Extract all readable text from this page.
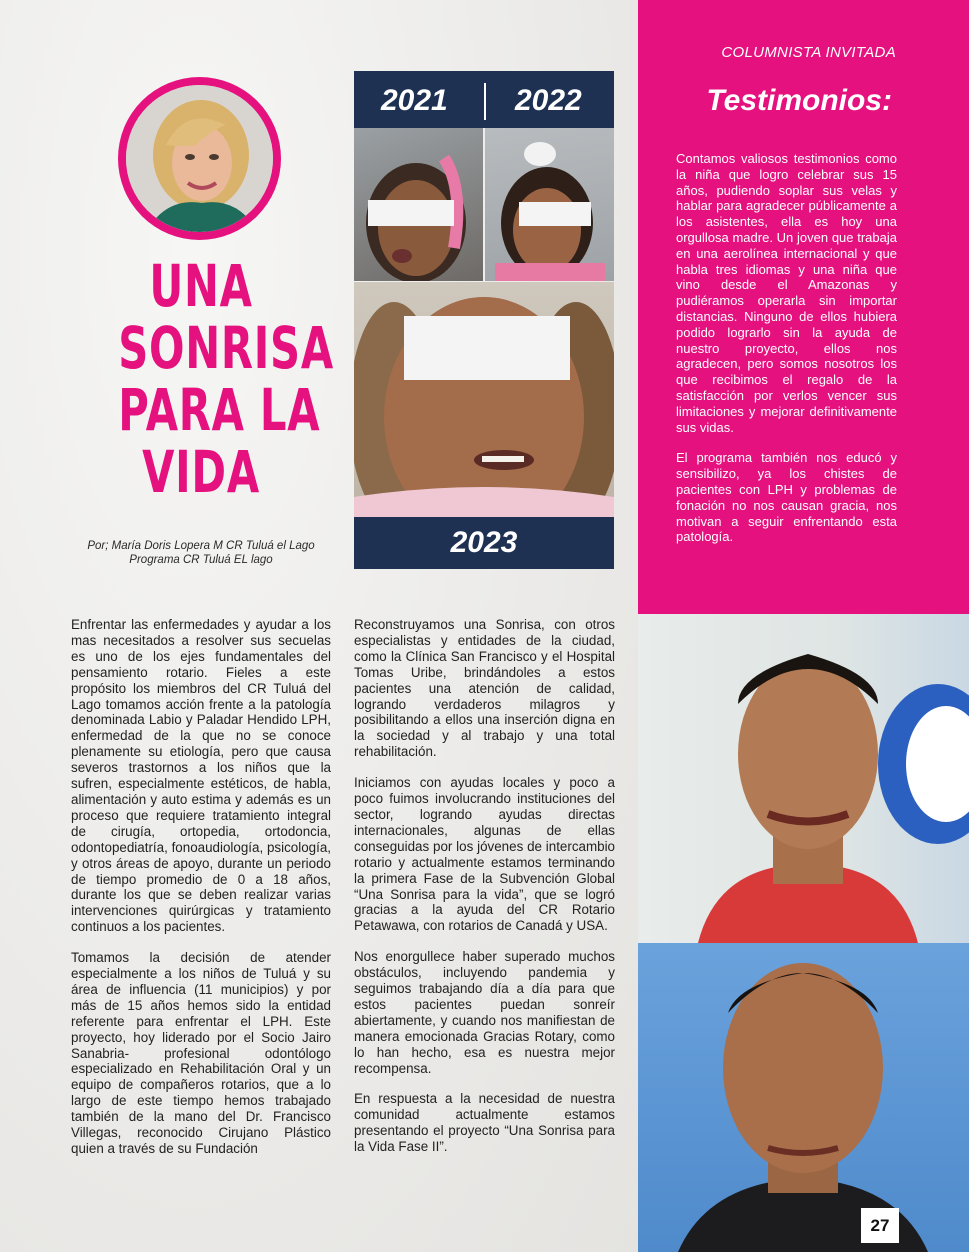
COLUMNISTA INVITADA
Testimonios:

Contamos valiosos testimonios como la niña que logro celebrar sus 15 años, pudiendo soplar sus velas y hablar para agradecer públicamente a los asistentes, ella es hoy una orgullosa madre. Un joven que trabaja en una aerolínea internacional y que habla tres idiomas y una niña que vino desde el Amazonas y pudiéramos operarla sin importar distancias. Ninguno de ellos hubiera podido lograrlo sin la ayuda de nuestro proyecto, ellos nos agradecen, pero somos nosotros los que recibimos el regalo de la satisfacción por verlos vencer sus limitaciones y mejorar definitivamente sus vidas.

El programa también nos educó y sensibilizo, ya los chistes de pacientes con LPH y problemas de fonación no nos causan gracia, nos motivan a seguir enfrentando esta patología.

UNA
SONRISA
PARA LA
VIDA
Por; María Doris Lopera M CR Tuluá el Lago
Programa CR Tuluá EL lago
2021 2022
2023

Enfrentar las enfermedades y ayudar a los mas necesitados a resolver sus secuelas es uno de los ejes fundamentales del pensamiento rotario. Fieles a este propósito los miembros del CR Tuluá del Lago tomamos acción frente a la patología denominada Labio y Paladar Hendido LPH, enfermedad de la que no se conoce plenamente su etiología, pero que causa severos trastornos a los niños que la sufren, especialmente estéticos, de habla, alimentación y auto estima y además es un proceso que requiere tratamiento integral de cirugía, ortopedia, ortodoncia, odontopediatría, fonoaudiología, psicología, y otros áreas de apoyo, durante un periodo de tiempo promedio de 0 a 18 años, durante los que se deben realizar varias intervenciones quirúrgicas y tratamiento continuos a los pacientes.

Tomamos la decisión de atender especialmente a los niños de Tuluá y su área de influencia (11 municipios) y por más de 15 años hemos sido la entidad referente para enfrentar el LPH. Este proyecto, hoy liderado por el Socio Jairo Sanabria- profesional odontólogo especializado en Rehabilitación Oral y un equipo de compañeros rotarios, que a lo largo de este tiempo hemos trabajado también de la mano del Dr. Francisco Villegas, reconocido Cirujano Plástico quien a través de su Fundación

Reconstruyamos una Sonrisa, con otros especialistas y entidades de la ciudad, como la Clínica San Francisco y el Hospital Tomas Uribe, brindándoles a estos pacientes una atención de calidad, logrando verdaderos milagros y posibilitando a ellos una inserción digna en la sociedad y al trabajo y una total rehabilitación.

Iniciamos con ayudas locales y poco a poco fuimos involucrando instituciones del sector, logrando ayudas directas internacionales, algunas de ellas conseguidas por los jóvenes de intercambio rotario y actualmente estamos terminando la primera Fase de la Subvención Global “Una Sonrisa para la vida”, que se logró gracias a la ayuda del CR Rotario Petawawa, con rotarios de Canadá y USA.

Nos enorgullece haber superado muchos obstáculos, incluyendo pandemia y seguimos trabajando día a día para que estos pacientes puedan sonreír abiertamente, y cuando nos manifiestan de manera emocionada Gracias Rotary, como lo han hecho, esa es nuestra mejor recompensa.

En respuesta a la necesidad de nuestra comunidad actualmente estamos presentando el proyecto “Una Sonrisa para la Vida Fase II”.

27
